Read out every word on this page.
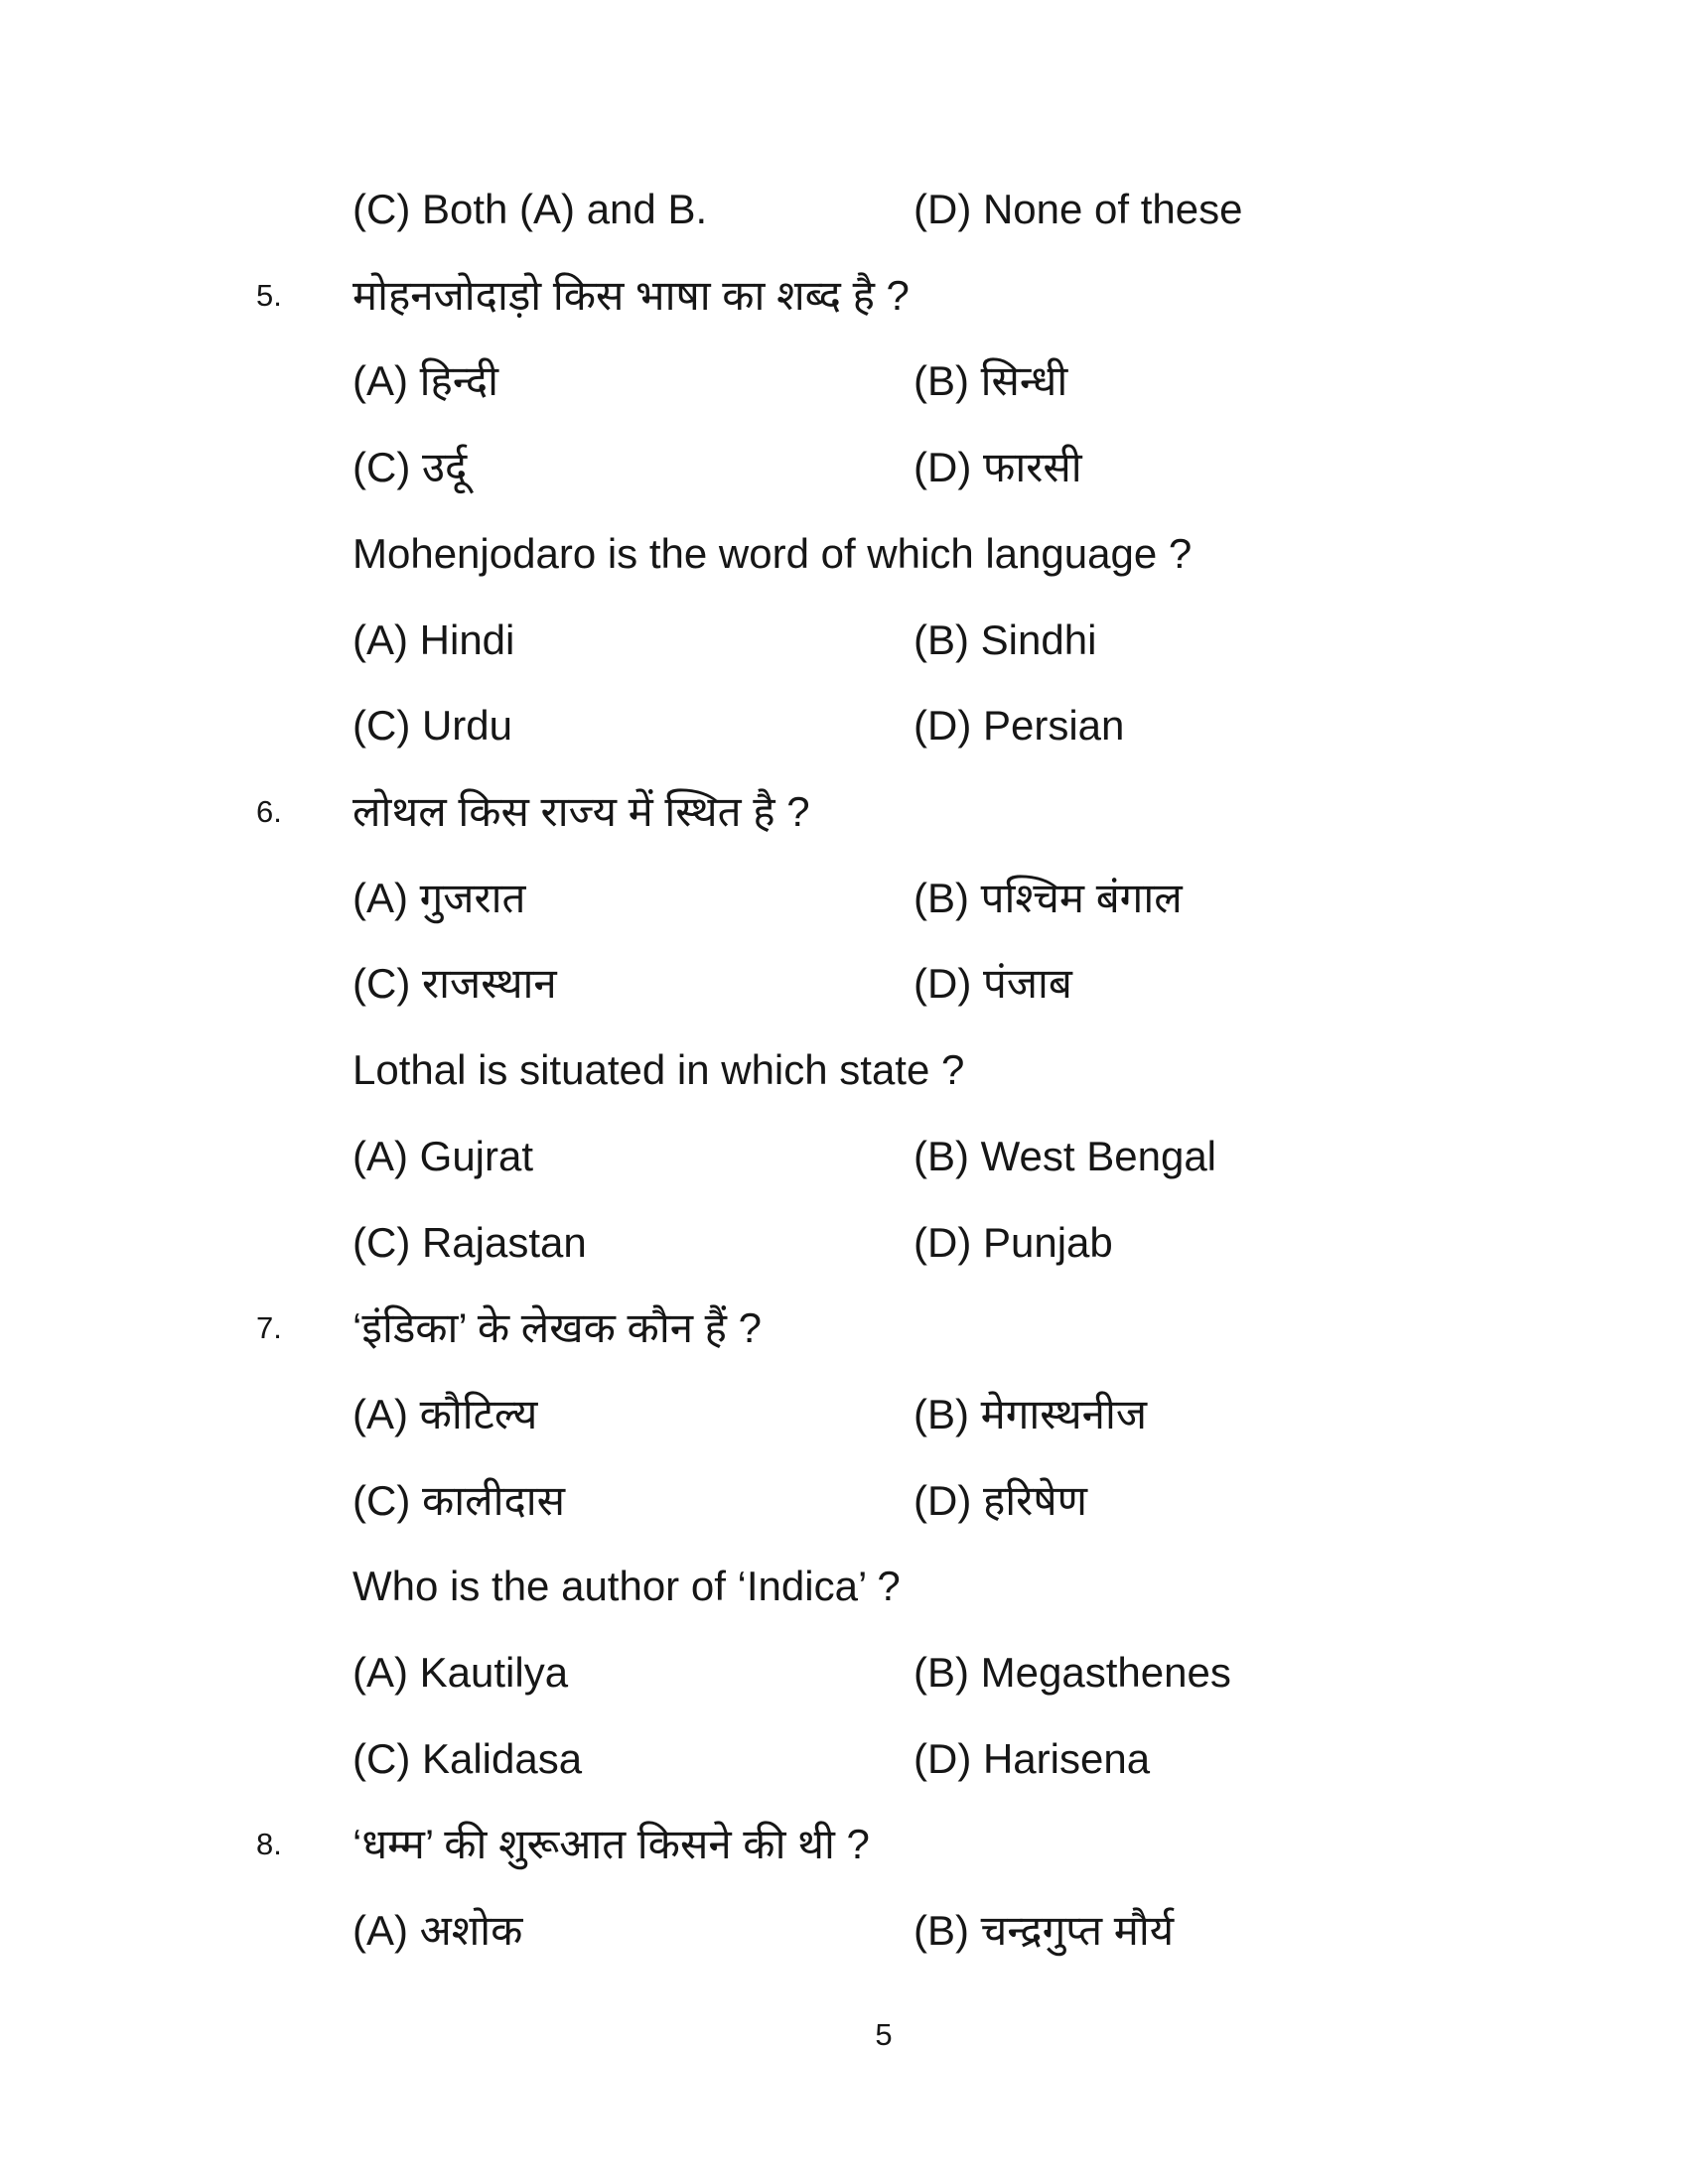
(C) Both (A) and B.	(D) None of these
5. मोहनजोदाड़ो किस भाषा का शब्द है ?
(A) हिन्दी	(B) सिन्धी
(C) उर्दू	(D) फारसी
Mohenjodaro is the word of which language ?
(A) Hindi	(B) Sindhi
(C) Urdu	(D) Persian
6. लोथल किस राज्य में स्थित है ?
(A) गुजरात	(B) पश्चिम बंगाल
(C) राजस्थान	(D) पंजाब
Lothal is situated in which state ?
(A) Gujrat	(B) West Bengal
(C) Rajastan	(D) Punjab
7. ‘इंडिका’ के लेखक कौन हैं ?
(A) कौटिल्य	(B) मेगास्थनीज
(C) कालीदास	(D) हरिषेण
Who is the author of ‘Indica’ ?
(A) Kautilya	(B) Megasthenes
(C) Kalidasa	(D) Harisena
8. ‘धम्म’ की शुरूआत किसने की थी ?
(A) अशोक	(B) चन्द्रगुप्त मौर्य
5
